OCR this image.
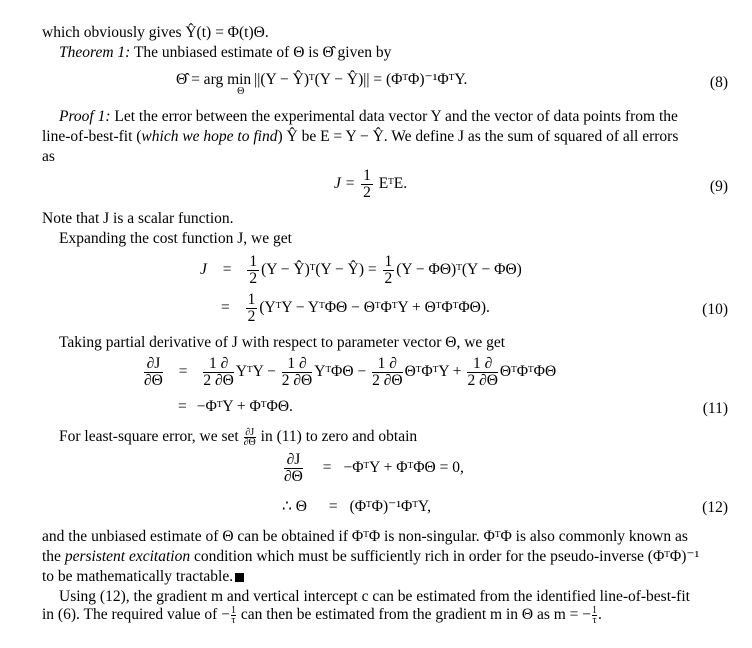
which obviously gives Ŷ(t) = Φ(t)Θ.
Theorem 1: The unbiased estimate of Θ is Θ̂ given by
Θ̂ = arg min $_\Theta$ ||(Y − Ŷ)ᵀ(Y − Ŷ)|| = (ΦᵀΦ)⁻¹ΦᵀY.	(8)
Proof 1: Let the error between the experimental data vector Y and the vector of data points from the
line-of-best-fit (which we hope to find) Ŷ be E = Y − Ŷ. We define J as the sum of squared of all errors
as
$J = \frac{1}{2}$ EᵀE.	(9)
Note that J is a scalar function.
Expanding the cost function J, we get
$J = \frac{1}{2} (Y$ − Ŷ)ᵀ(Y − Ŷ) = $\frac{1}{2} (Y$ − ΦΘ)ᵀ(Y − ΦΘ)
= $\frac{1}{2}$ (YᵀY − YᵀΦΘ − ΘᵀΦᵀY + ΘᵀΦᵀΦΘ).	(10)
Taking partial derivative of J with respect to parameter vector Θ, we get
$\frac{\partial J}{\partial\Theta} = \frac{1 \partial}{2 \partial\Theta}$ YᵀY − $\frac{1 \partial}{2 \partial\Theta}$ YᵀΦΘ − $\frac{1 \partial}{2 \partial\Theta}$ ΘᵀΦᵀY + $\frac{1 \partial}{2 \partial\Theta}$ ΘᵀΦᵀΦΘ
= −ΦᵀY + ΦᵀΦΘ.	(11)
For least-square error, we set $\frac{\partial J}{\partial\Theta}$ in (11) to zero and obtain
$\frac{\partial J}{\partial\Theta}$ = −ΦᵀY + ΦᵀΦΘ = 0,
∴ Θ = (ΦᵀΦ)⁻¹ΦᵀY,	(12)
and the unbiased estimate of Θ can be obtained if ΦᵀΦ is non-singular. ΦᵀΦ is also commonly known as
the persistent excitation condition which must be sufficiently rich in order for the pseudo-inverse (ΦᵀΦ)⁻¹
to be mathematically tractable.
Using (12), the gradient m and vertical intercept c can be estimated from the identified line-of-best-fit
in (6). The required value of − $\frac{1}{\tau}$ can then be estimated from the gradient m in Θ as m = − $\frac{1}{\tau}$ .
